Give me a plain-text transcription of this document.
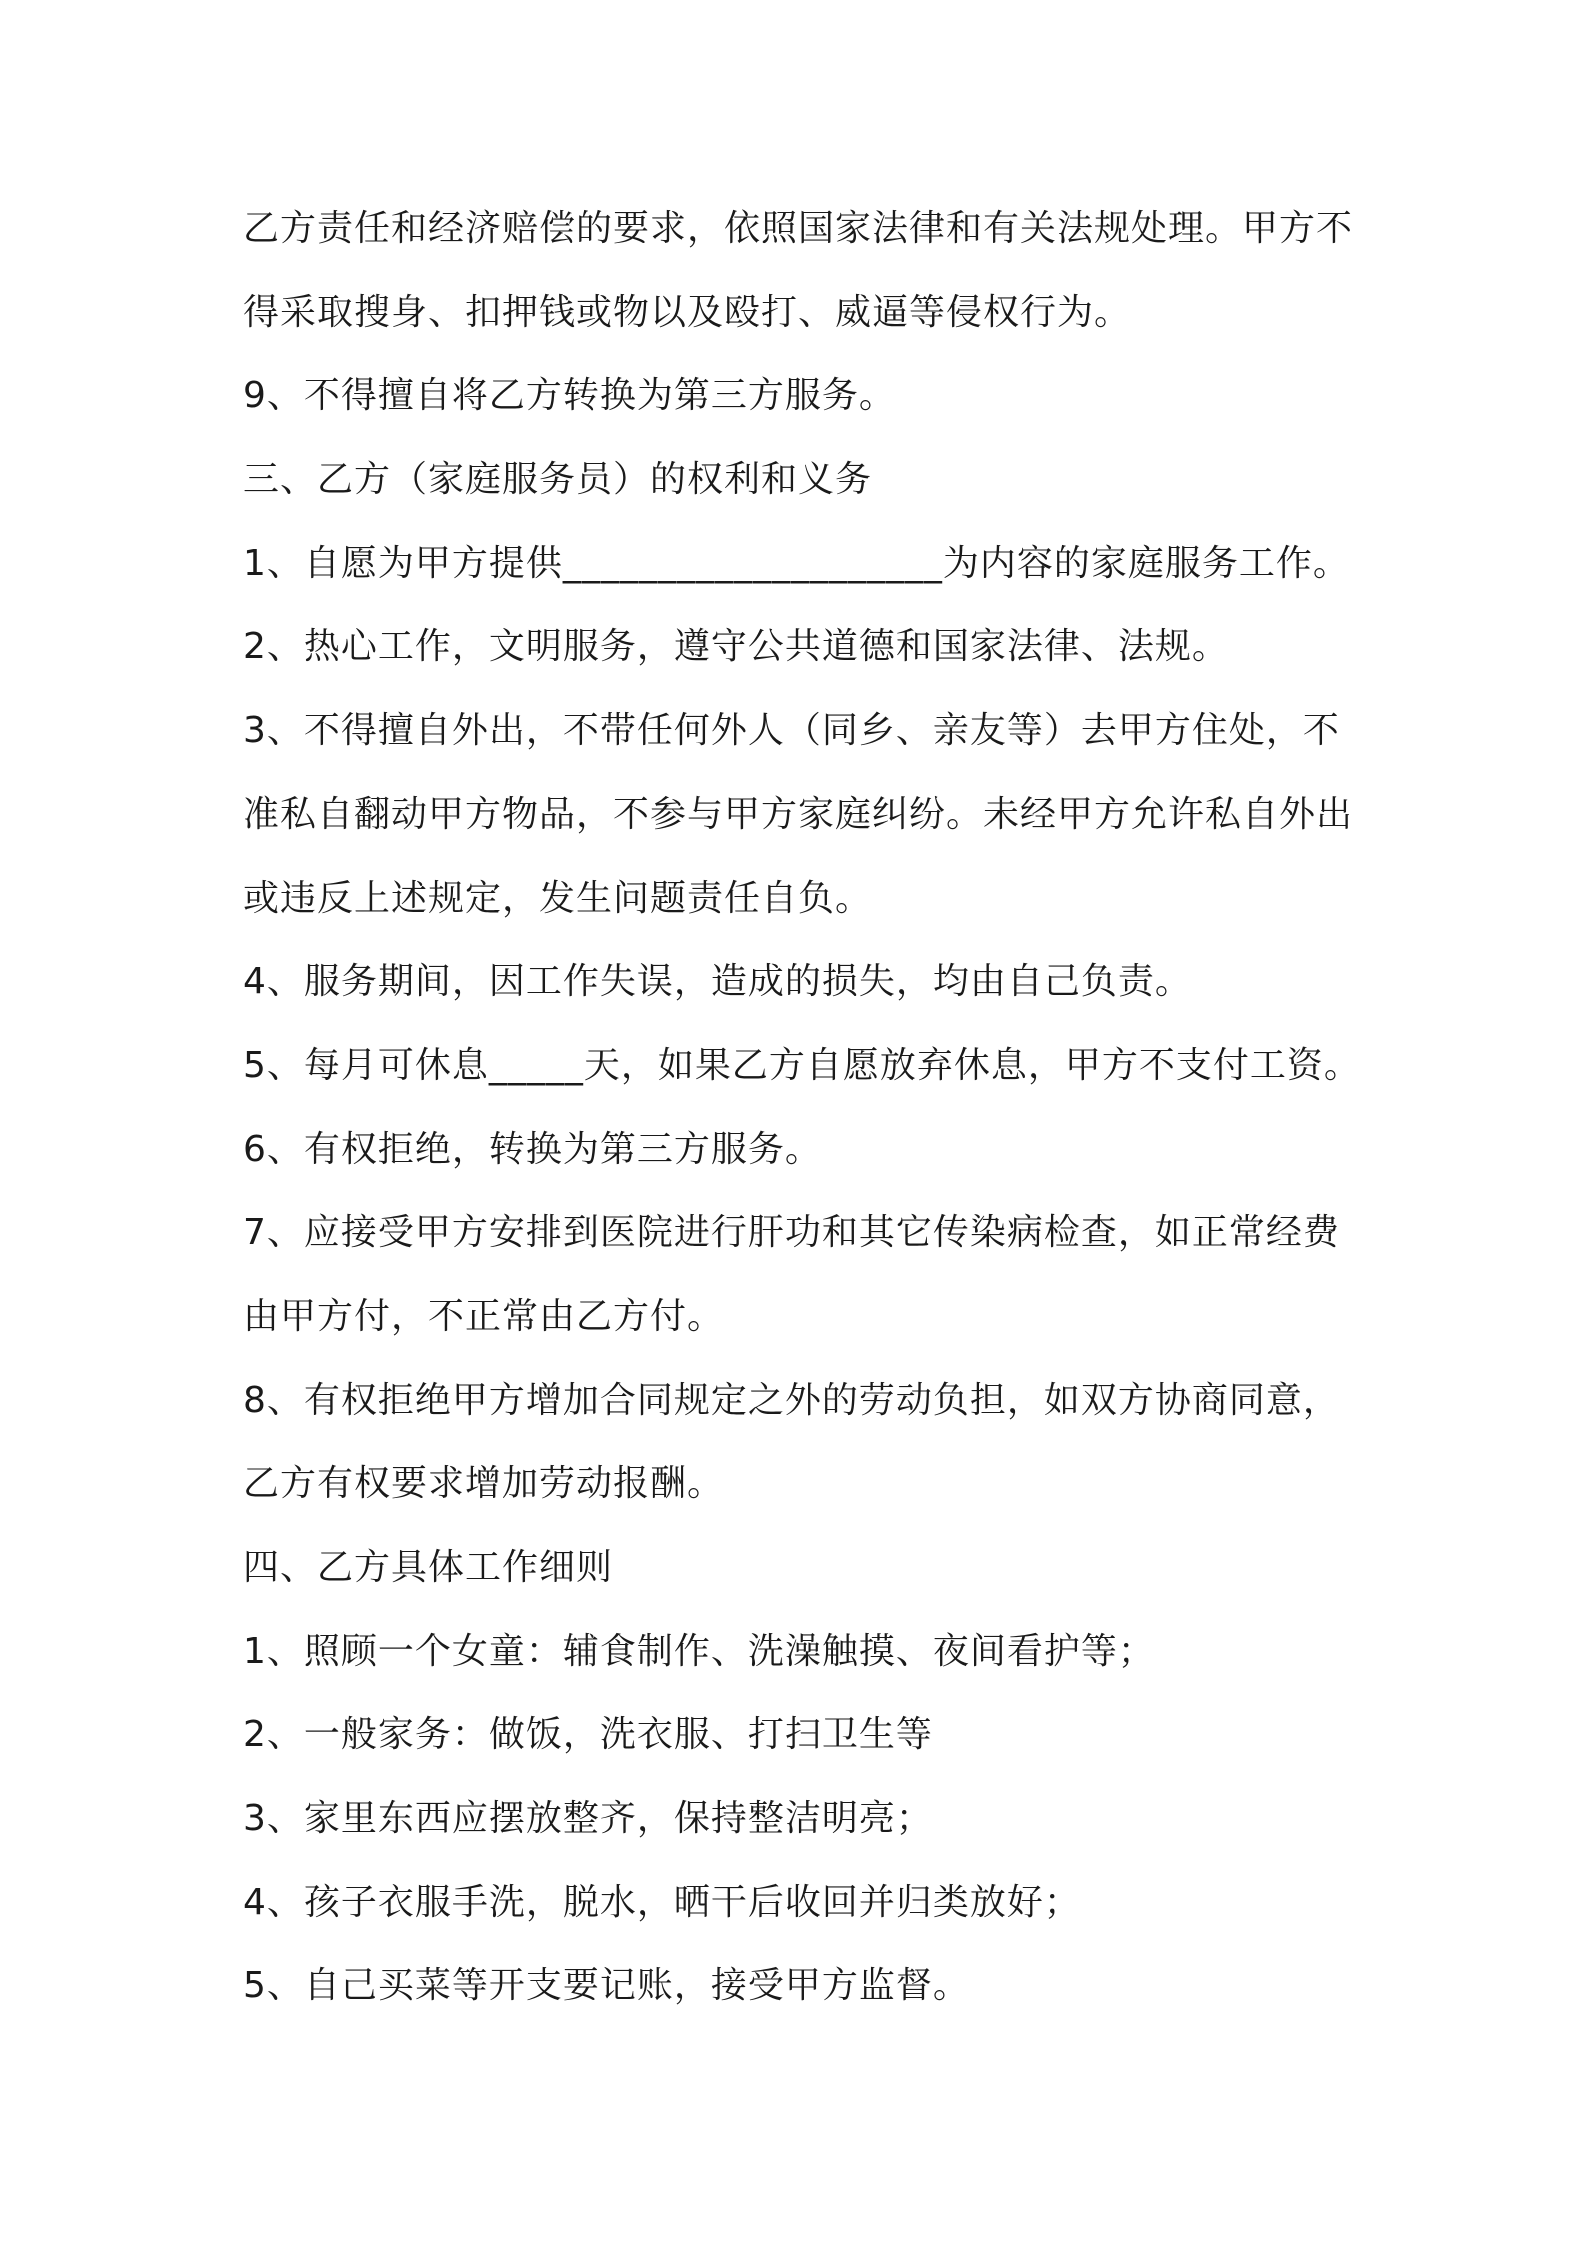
乙方责任和经济赔偿的要求，依照国家法律和有关法规处理。甲方不
得采取搜身、扣押钱或物以及殴打、威逼等侵权行为。
9、不得擅自将乙方转换为第三方服务。
三、乙方（家庭服务员）的权利和义务
1、自愿为甲方提供____________________为内容的家庭服务工作。
2、热心工作，文明服务，遵守公共道德和国家法律、法规。
3、不得擅自外出，不带任何外人（同乡、亲友等）去甲方住处，不
准私自翻动甲方物品，不参与甲方家庭纠纷。未经甲方允许私自外出
或违反上述规定，发生问题责任自负。
4、服务期间，因工作失误，造成的损失，均由自己负责。
5、每月可休息_____天，如果乙方自愿放弃休息，甲方不支付工资。
6、有权拒绝，转换为第三方服务。
7、应接受甲方安排到医院进行肝功和其它传染病检查，如正常经费
由甲方付，不正常由乙方付。
8、有权拒绝甲方增加合同规定之外的劳动负担，如双方协商同意，
乙方有权要求增加劳动报酬。
四、乙方具体工作细则
1、照顾一个女童：辅食制作、洗澡触摸、夜间看护等；
2、一般家务：做饭，洗衣服、打扫卫生等
3、家里东西应摆放整齐，保持整洁明亮；
4、孩子衣服手洗，脱水，晒干后收回并归类放好；
5、自己买菜等开支要记账，接受甲方监督。
